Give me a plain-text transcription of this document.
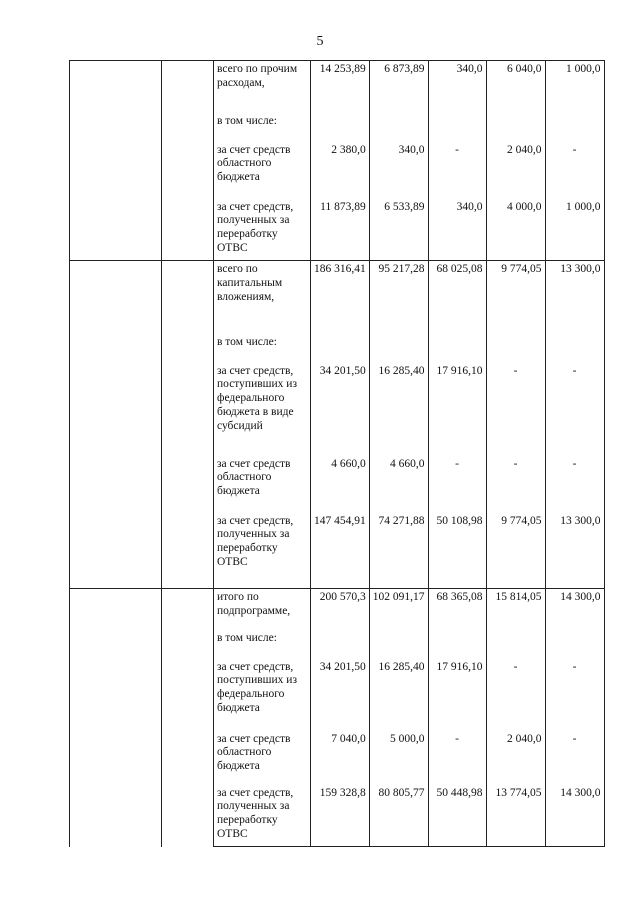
5
		всего по прочим расходам,	14 253,89	6 873,89	340,0	6 040,0	1 000,0
		в том числе:					
		за счет средств областного бюджета	2 380,0	340,0	-	2 040,0	-
		за счет средств, полученных за переработку ОТВС	11 873,89	6 533,89	340,0	4 000,0	1 000,0
		всего по капитальным вложениям,	186 316,41	95 217,28	68 025,08	9 774,05	13 300,0
		в том числе:					
		за счет средств, поступивших из федерального бюджета в виде субсидий	34 201,50	16 285,40	17 916,10	-	-
		за счет средств областного бюджета	4 660,0	4 660,0	-	-	-
		за счет средств, полученных за переработку ОТВС	147 454,91	74 271,88	50 108,98	9 774,05	13 300,0
		итого по подпрограмме,	200 570,3	102 091,17	68 365,08	15 814,05	14 300,0
		в том числе:					
		за счет средств, поступивших из федерального бюджета	34 201,50	16 285,40	17 916,10	-	-
		за счет средств областного бюджета	7 040,0	5 000,0	-	2 040,0	-
		за счет средств, полученных за переработку ОТВС	159 328,8	80 805,77	50 448,98	13 774,05	14 300,0
